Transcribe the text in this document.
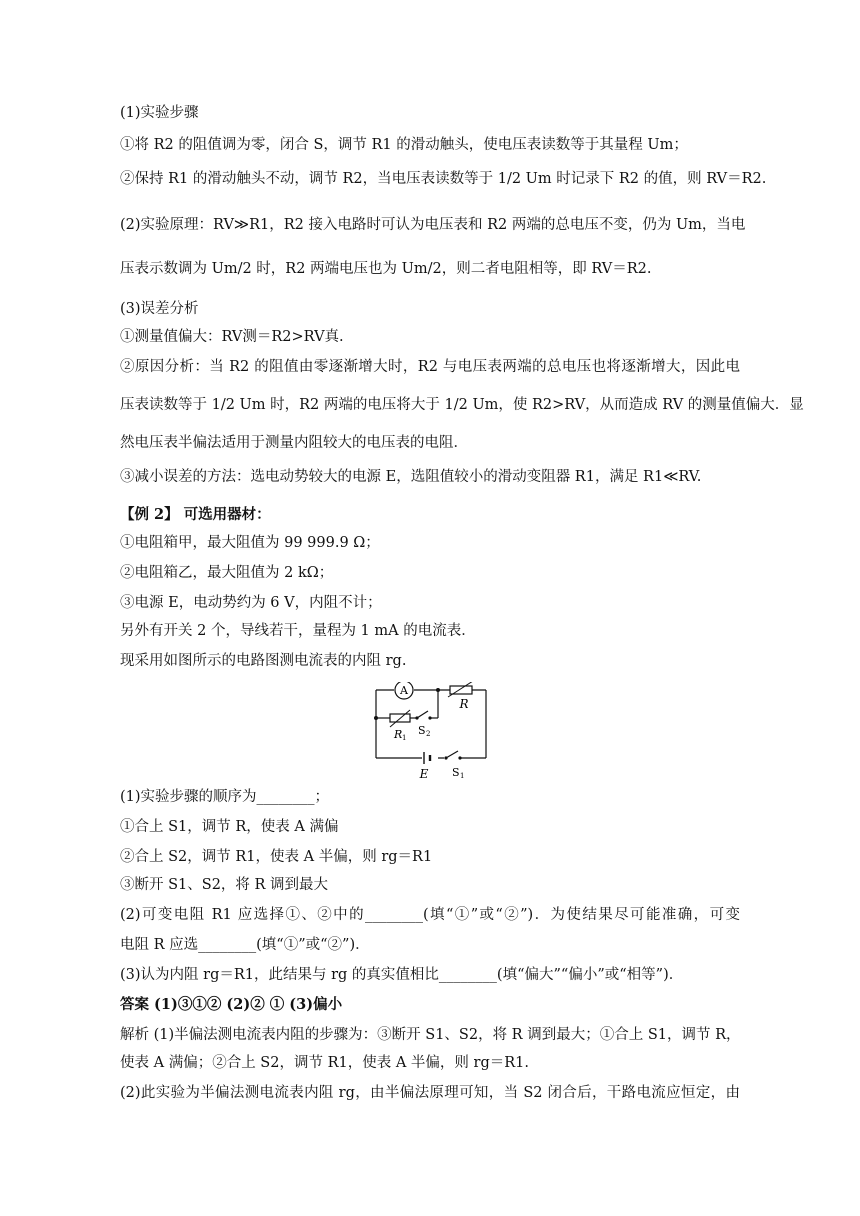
(1)实验步骤
①将 R2 的阻值调为零，闭合 S，调节 R1 的滑动触头，使电压表读数等于其量程 Um；
②保持 R1 的滑动触头不动，调节 R2，当电压表读数等于 1/2 Um 时记录下 R2 的值，则 RV＝R2.
(2)实验原理：RV≫R1，R2 接入电路时可认为电压表和 R2 两端的总电压不变，仍为 Um，当电
压表示数调为 Um/2 时，R2 两端电压也为 Um/2，则二者电阻相等，即 RV＝R2.
(3)误差分析
①测量值偏大：RV测＝R2>RV真.
②原因分析：当 R2 的阻值由零逐渐增大时，R2 与电压表两端的总电压也将逐渐增大，因此电
压表读数等于 1/2 Um 时，R2 两端的电压将大于 1/2 Um，使 R2>RV，从而造成 RV 的测量值偏大．显
然电压表半偏法适用于测量内阻较大的电压表的电阻．
③减小误差的方法：选电动势较大的电源 E，选阻值较小的滑动变阻器 R1，满足 R1≪RV.
【例 2】 可选用器材：
①电阻箱甲，最大阻值为 99 999.9 Ω；
②电阻箱乙，最大阻值为 2 kΩ；
③电源 E，电动势约为 6 V，内阻不计；
另外有开关 2 个，导线若干，量程为 1 mA 的电流表．
现采用如图所示的电路图测电流表的内阻 rg.
A
R
R 1
S 2
E S 1
(1)实验步骤的顺序为________；
①合上 S1，调节 R，使表 A 满偏
②合上 S2，调节 R1，使表 A 半偏，则 rg＝R1
③断开 S1、S2，将 R 调到最大
(2)可变电阻 R1 应选择①、②中的________(填“①”或“②”)．为使结果尽可能准确，可变
电阻 R 应选________(填“①”或“②”)．
(3)认为内阻 rg＝R1，此结果与 rg 的真实值相比________(填“偏大”“偏小”或“相等”)．
答案 (1)③①② (2)② ① (3)偏小
解析 (1)半偏法测电流表内阻的步骤为：③断开 S1、S2，将 R 调到最大；①合上 S1，调节 R，
使表 A 满偏；②合上 S2，调节 R1，使表 A 半偏，则 rg＝R1.
(2)此实验为半偏法测电流表内阻 rg，由半偏法原理可知，当 S2 闭合后，干路电流应恒定，由
